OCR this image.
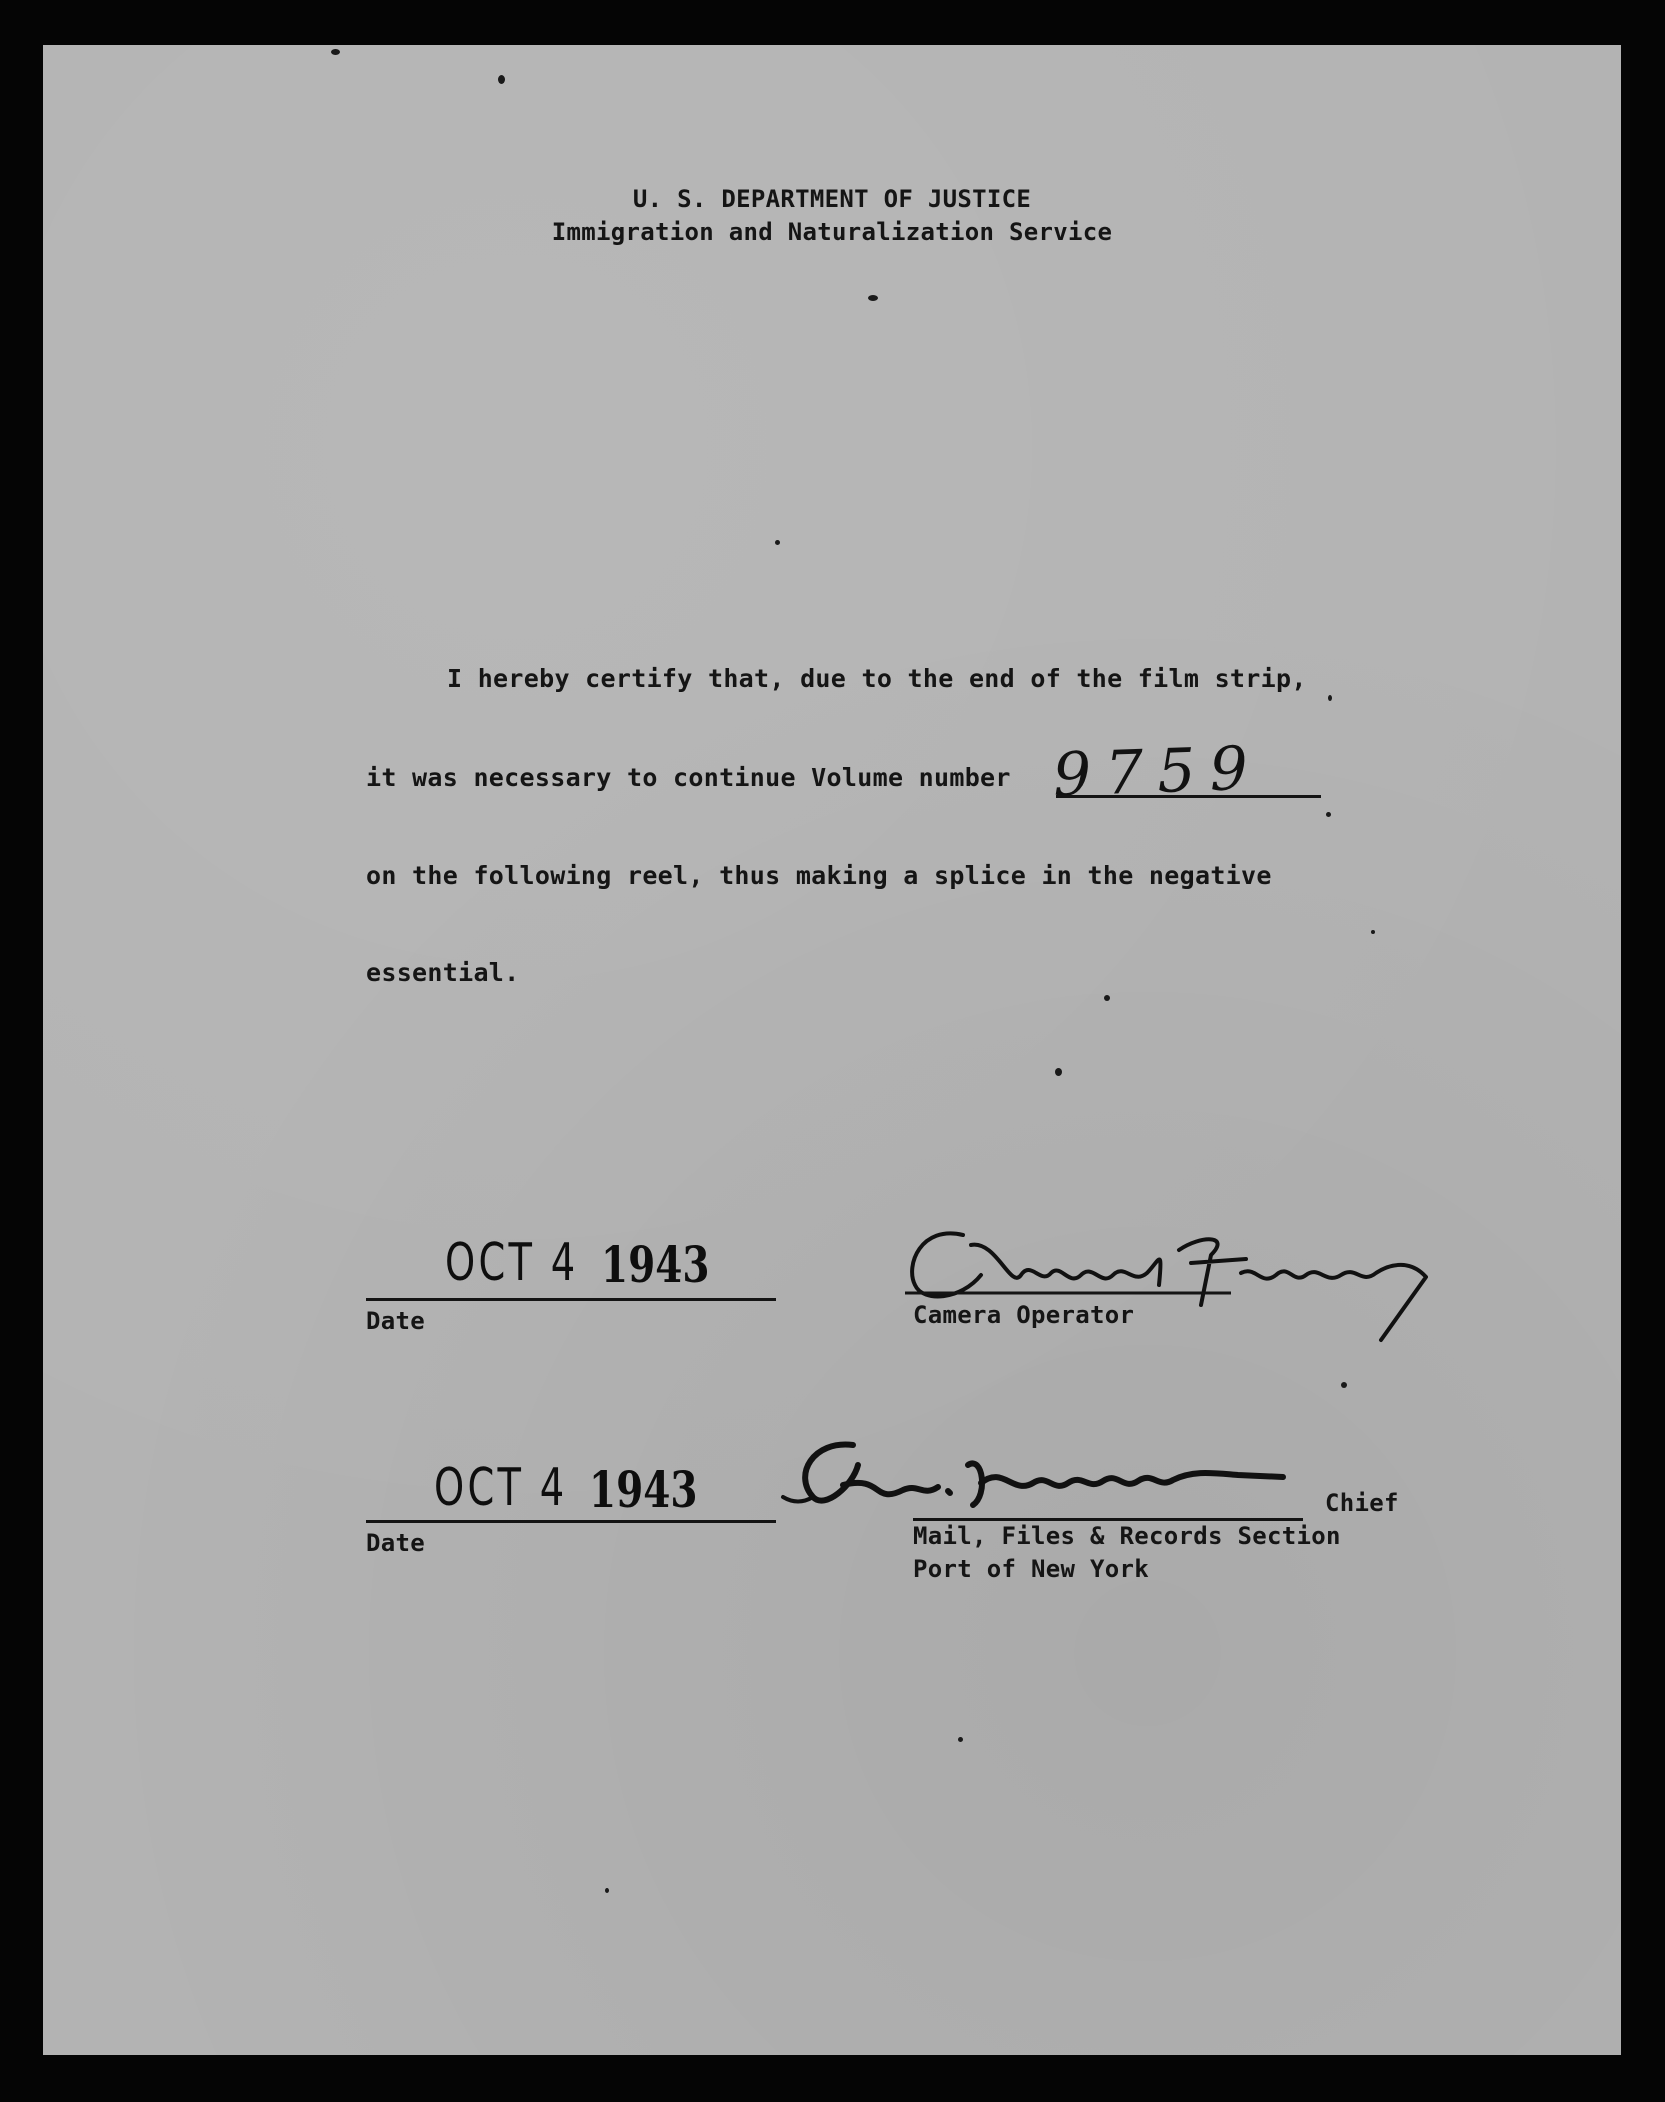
U. S. DEPARTMENT OF JUSTICE
Immigration and Naturalization Service
I hereby certify that, due to the end of the film strip,
it was necessary to continue Volume number 9759
on the following reel, thus making a splice in the negative
essential.
OCT 4 1943
Date	Camera Operator
OCT 4 1943
Date
Chief
Mail, Files & Records Section
Port of New York
